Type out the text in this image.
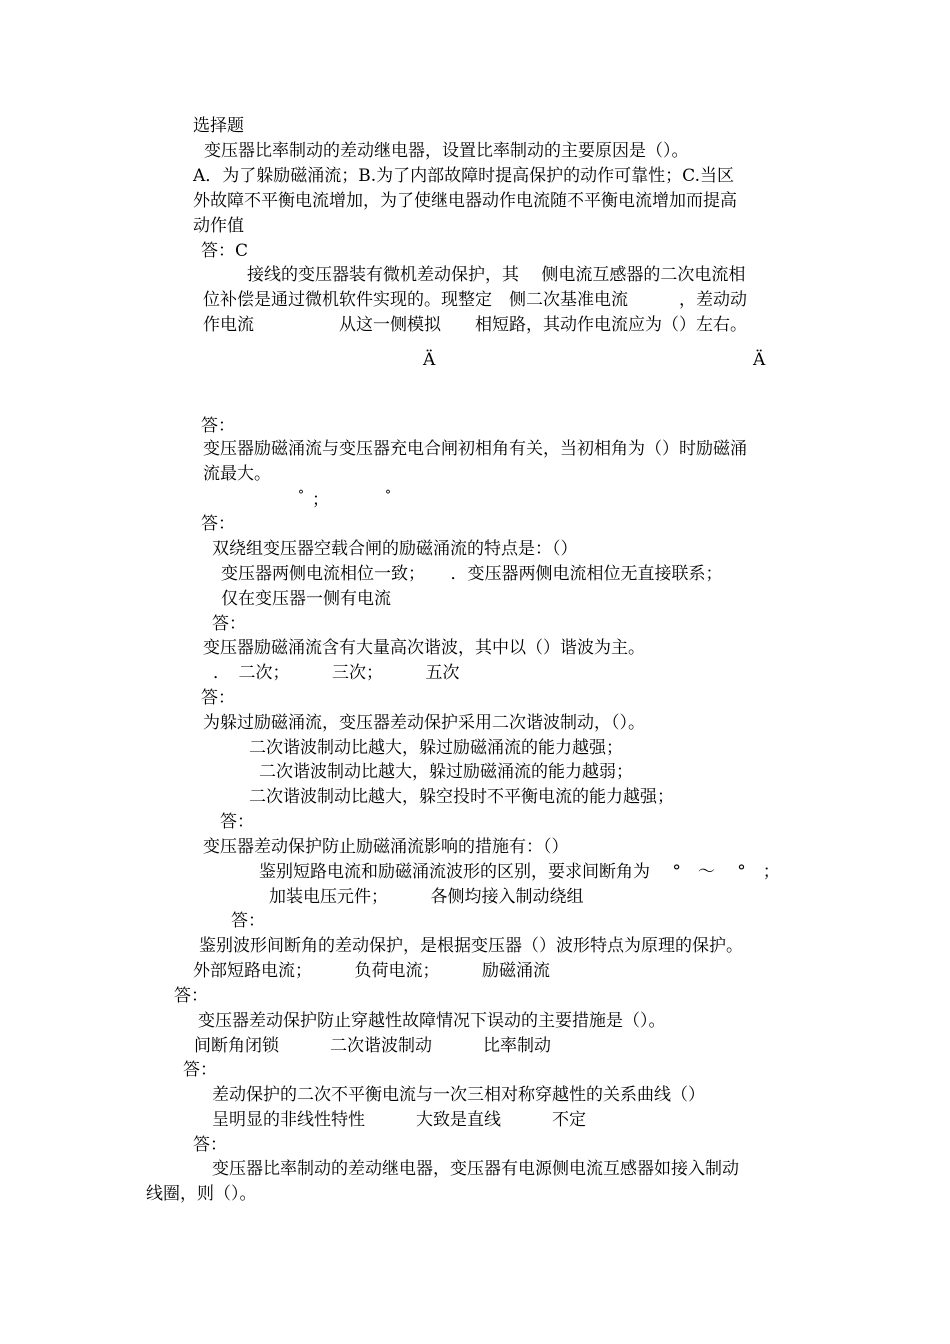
选择题
变压器比率制动的差动继电器，设置比率制动的主要原因是（）。
A．为了躲励磁涌流；B.为了内部故障时提高保护的动作可靠性；C.当区
外故障不平衡电流增加，为了使继电器动作电流随不平衡电流增加而提高
动作值
答：C
接线的变压器装有微机差动保护，其　 侧电流互感器的二次电流相
位补偿是通过微机软件实现的。现整定　侧二次基准电流　　　，差动动
作电流　　　　　从这一侧模拟　　相短路，其动作电流应为（）左右。
Ä	Ä
答：
变压器励磁涌流与变压器充电合闸初相角有关，当初相角为（）时励磁涌
流最大。
° ；	°
答：
双绕组变压器空载合闸的励磁涌流的特点是：（）
变压器两侧电流相位一致；　　．变压器两侧电流相位无直接联系；
仅在变压器一侧有电流
答：
变压器励磁涌流含有大量高次谐波，其中以（）谐波为主。
．　二次；　　　三次；　　　五次
答：
为躲过励磁涌流，变压器差动保护采用二次谐波制动，（）。
二次谐波制动比越大，躲过励磁涌流的能力越强；
二次谐波制动比越大，躲过励磁涌流的能力越弱；
二次谐波制动比越大，躲空投时不平衡电流的能力越强；
答：
变压器差动保护防止励磁涌流影响的措施有：（）
鉴别短路电流和励磁涌流波形的区别，要求间断角为　 °　～　 °　；
加装电压元件；　　　各侧均接入制动绕组
答：
鉴别波形间断角的差动保护，是根据变压器（）波形特点为原理的保护。
外部短路电流；　　　负荷电流；　　　励磁涌流
答：
变压器差动保护防止穿越性故障情况下误动的主要措施是（）。
间断角闭锁　　　二次谐波制动　　　比率制动
答：
差动保护的二次不平衡电流与一次三相对称穿越性的关系曲线（）
呈明显的非线性特性　　　大致是直线　　　不定
答：
变压器比率制动的差动继电器，变压器有电源侧电流互感器如接入制动
线圈，则（）。
